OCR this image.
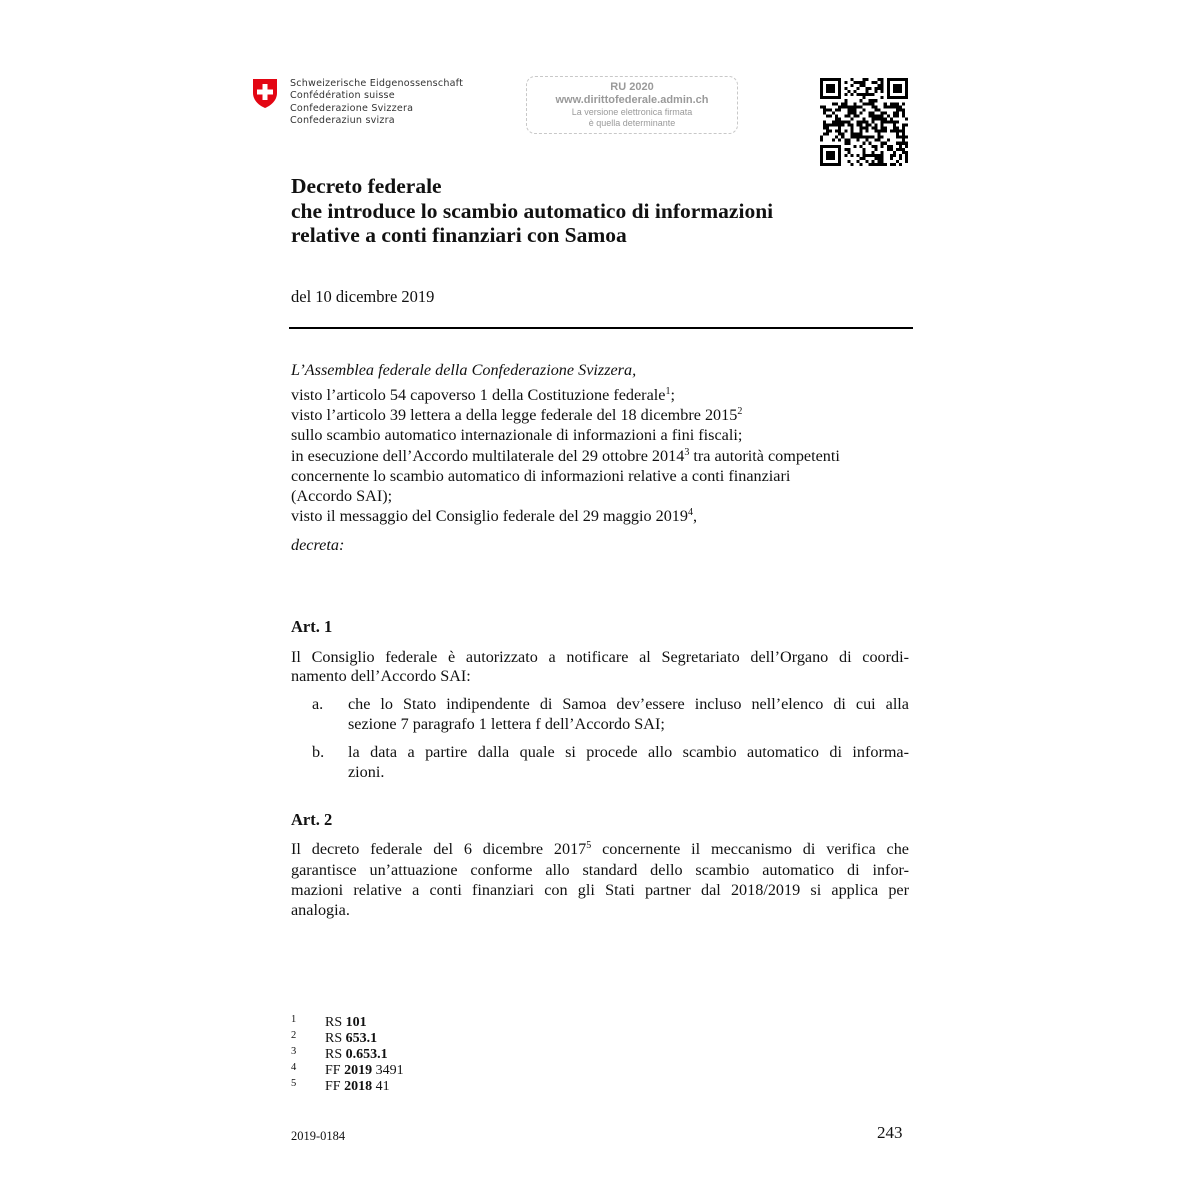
Schweizerische Eidgenossenschaft
Confédération suisse
Confederazione Svizzera
Confederaziun svizra
RU 2020
www.dirittofederale.admin.ch
La versione elettronica firmata
è quella determinante
Decreto federale
che introduce lo scambio automatico di informazioni
relative a conti finanziari con Samoa
del 10 dicembre 2019
L’Assemblea federale della Confederazione Svizzera,
visto l’articolo 54 capoverso 1 della Costituzione federale$^1$;
visto l’articolo 39 lettera a della legge federale del 18 dicembre 2015$^2$
sullo scambio automatico internazionale di informazioni a fini fiscali;
in esecuzione dell’Accordo multilaterale del 29 ottobre 2014$^3$ tra autorità competenti
concernente lo scambio automatico di informazioni relative a conti finanziari
(Accordo SAI);
visto il messaggio del Consiglio federale del 29 maggio 2019$^4$,
decreta:
Art. 1
Il Consiglio federale è autorizzato a notificare al Segretariato dell’Organo di coordi-
namento dell’Accordo SAI:
a. che lo Stato indipendente di Samoa dev’essere incluso nell’elenco di cui alla
sezione 7 paragrafo 1 lettera f dell’Accordo SAI;
b. la data a partire dalla quale si procede allo scambio automatico di informa-
zioni.
Art. 2
Il decreto federale del 6 dicembre 2017$^5$ concernente il meccanismo di verifica che
garantisce un’attuazione conforme allo standard dello scambio automatico di infor-
mazioni relative a conti finanziari con gli Stati partner dal 2018/2019 si applica per
analogia.
1 RS 101
2 RS 653.1
3 RS 0.653.1
4 FF 2019 3491
5 FF 2018 41
2019-0184	243
